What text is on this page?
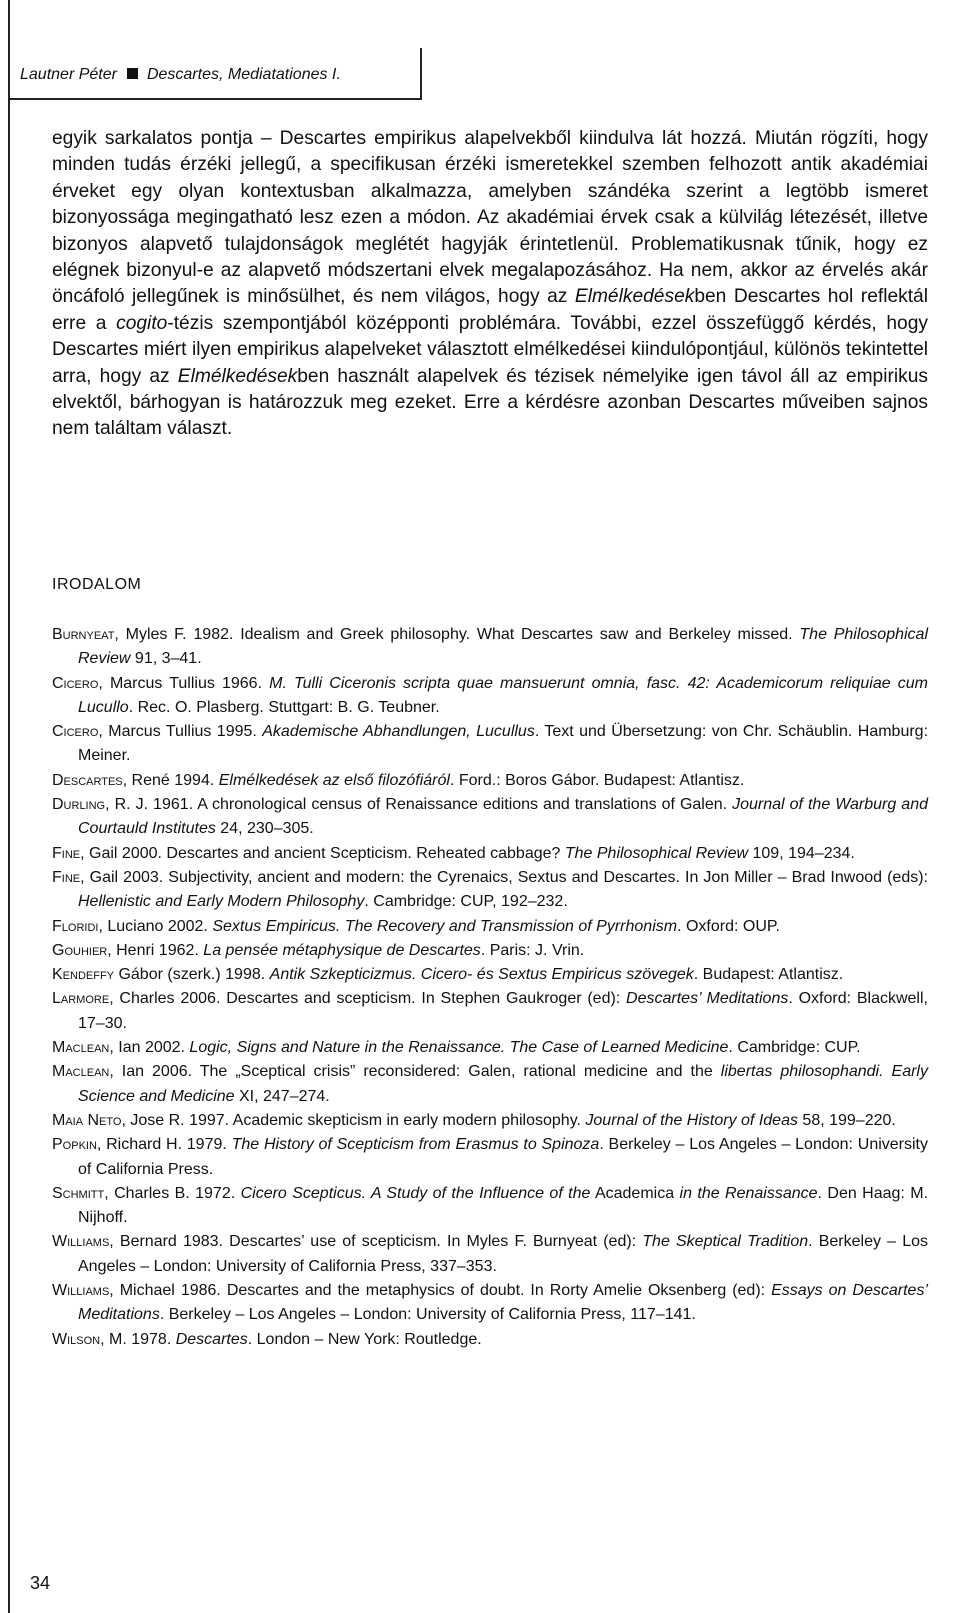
Lautner Péter Descartes, Mediatationes I.

egyik sarkalatos pontja – Descartes empirikus alapelvekből kiindulva lát hozzá. Miután rögzíti, hogy minden tudás érzéki jellegű, a specifikusan érzéki ismeretekkel szemben felhozott antik akadémiai érveket egy olyan kontextusban alkalmazza, amelyben szándéka szerint a legtöbb ismeret bizonyossága megingatható lesz ezen a módon. Az akadémiai érvek csak a külvilág létezését, illetve bizonyos alapvető tulajdonságok meglétét hagyják érintetlenül. Problematikusnak tűnik, hogy ez elégnek bizonyul-e az alapvető módszertani elvek megalapozásához. Ha nem, akkor az érvelés akár öncáfoló jellegűnek is minősülhet, és nem világos, hogy az Elmélkedésekben Descartes hol reflektál erre a cogito-tézis szempontjából középponti problémára. További, ezzel összefüggő kérdés, hogy Descartes miért ilyen empirikus alapelveket választott elmélkedései kiindulópontjául, különös tekintettel arra, hogy az Elmélkedésekben használt alapelvek és tézisek némelyike igen távol áll az empirikus elvektől, bárhogyan is határozzuk meg ezeket. Erre a kérdésre azonban Descartes műveiben sajnos nem találtam választ.

IRODALOM

Burnyeat, Myles F. 1982. Idealism and Greek philosophy. What Descartes saw and Berkeley missed. The Philosophical Review 91, 3–41.

Cicero, Marcus Tullius 1966. M. Tulli Ciceronis scripta quae mansuerunt omnia, fasc. 42: Academicorum reliquiae cum Lucullo. Rec. O. Plasberg. Stuttgart: B. G. Teubner.

Cicero, Marcus Tullius 1995. Akademische Abhandlungen, Lucullus. Text und Übersetzung: von Chr. Schäublin. Hamburg: Meiner.

Descartes, René 1994. Elmélkedések az első filozófiáról. Ford.: Boros Gábor. Budapest: Atlantisz.

Durling, R. J. 1961. A chronological census of Renaissance editions and translations of Galen. Journal of the Warburg and Courtauld Institutes 24, 230–305.

Fine, Gail 2000. Descartes and ancient Scepticism. Reheated cabbage? The Philosophical Review 109, 194–234.

Fine, Gail 2003. Subjectivity, ancient and modern: the Cyrenaics, Sextus and Descartes. In Jon Miller – Brad Inwood (eds): Hellenistic and Early Modern Philosophy. Cambridge: CUP, 192–232.

Floridi, Luciano 2002. Sextus Empiricus. The Recovery and Transmission of Pyrrhonism. Oxford: OUP.

Gouhier, Henri 1962. La pensée métaphysique de Descartes. Paris: J. Vrin.

Kendeffy Gábor (szerk.) 1998. Antik Szkepticizmus. Cicero- és Sextus Empiricus szövegek. Budapest: Atlantisz.

Larmore, Charles 2006. Descartes and scepticism. In Stephen Gaukroger (ed): Descartes’ Meditations. Oxford: Blackwell, 17–30.

Maclean, Ian 2002. Logic, Signs and Nature in the Renaissance. The Case of Learned Medicine. Cambridge: CUP.

Maclean, Ian 2006. The „Sceptical crisis” reconsidered: Galen, rational medicine and the libertas philosophandi. Early Science and Medicine XI, 247–274.

Maia Neto, Jose R. 1997. Academic skepticism in early modern philosophy. Journal of the History of Ideas 58, 199–220.

Popkin, Richard H. 1979. The History of Scepticism from Erasmus to Spinoza. Berkeley – Los Angeles – London: University of California Press.

Schmitt, Charles B. 1972. Cicero Scepticus. A Study of the Influence of the Academica in the Renaissance. Den Haag: M. Nijhoff.

Williams, Bernard 1983. Descartes’ use of scepticism. In Myles F. Burnyeat (ed): The Skeptical Tradition. Berkeley – Los Angeles – London: University of California Press, 337–353.

Williams, Michael 1986. Descartes and the metaphysics of doubt. In Rorty Amelie Oksenberg (ed): Essays on Descartes’ Meditations. Berkeley – Los Angeles – London: University of California Press, 117–141.

Wilson, M. 1978. Descartes. London – New York: Routledge.

34
